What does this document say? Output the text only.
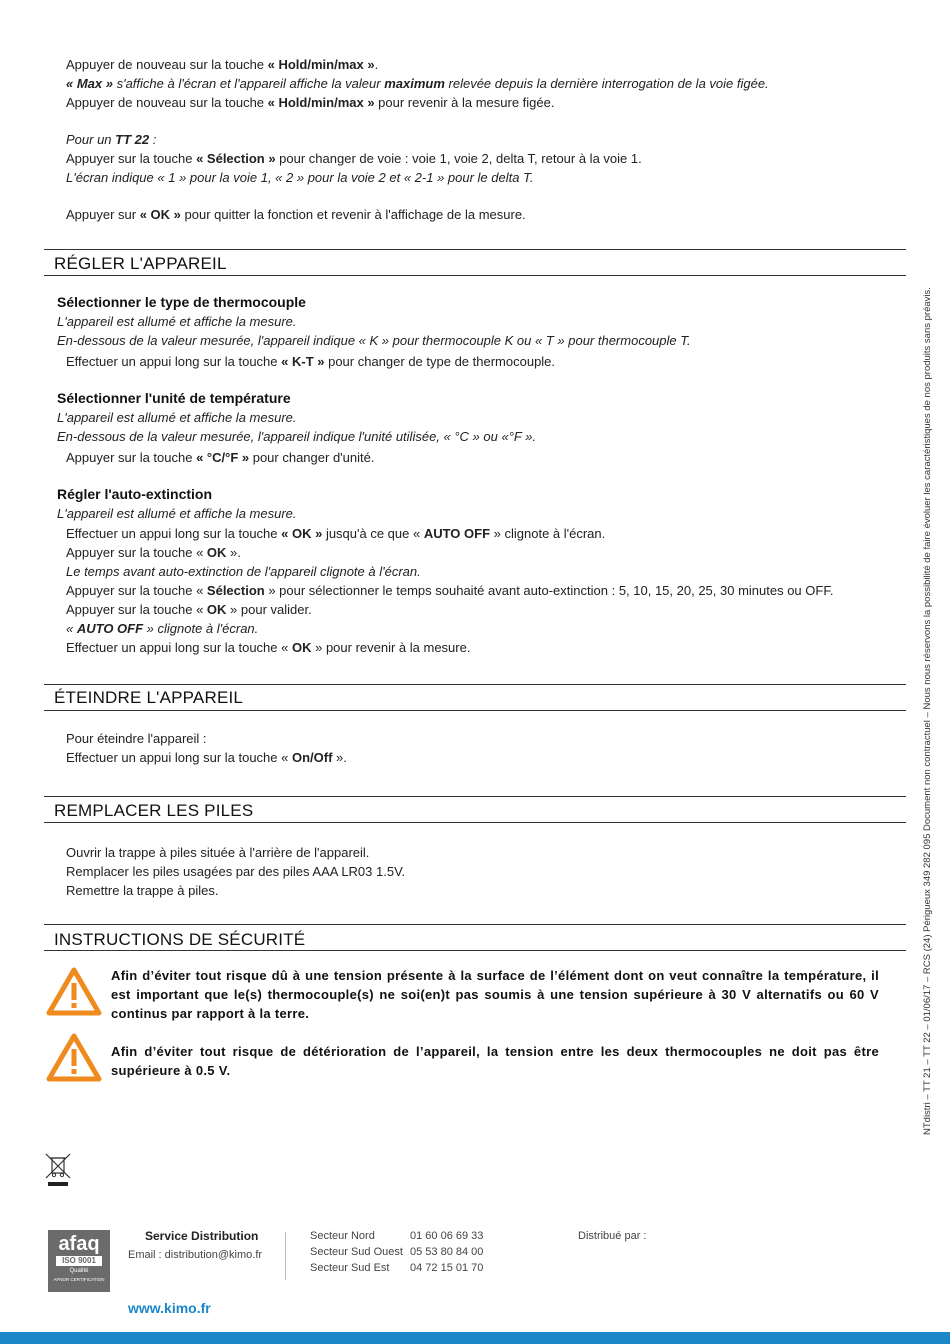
Appuyer de nouveau sur la touche « Hold/min/max ».
« Max » s'affiche à l'écran et l'appareil affiche la valeur maximum relevée depuis la dernière interrogation de la voie figée.
Appuyer de nouveau sur la touche « Hold/min/max » pour revenir à la mesure figée.
Pour un TT 22 :
Appuyer sur la touche « Sélection » pour changer de voie : voie 1, voie 2, delta T, retour à la voie 1.
L'écran indique « 1 » pour la voie 1, « 2 » pour la voie 2 et « 2-1 » pour le delta T.
Appuyer sur « OK » pour quitter la fonction et revenir à l'affichage de la mesure.
RÉGLER L'APPAREIL
Sélectionner le type de thermocouple
L'appareil est allumé et affiche la mesure.
En-dessous de la valeur mesurée, l'appareil indique « K » pour thermocouple K ou « T » pour thermocouple T.
Effectuer un appui long sur la touche « K-T » pour changer de type de thermocouple.
Sélectionner l'unité de température
L'appareil est allumé et affiche la mesure.
En-dessous de la valeur mesurée, l'appareil indique l'unité utilisée, « °C » ou «°F ».
Appuyer sur la touche « °C/°F » pour changer d'unité.
Régler l'auto-extinction
L'appareil est allumé et affiche la mesure.
Effectuer un appui long sur la touche « OK » jusqu'à ce que « AUTO OFF » clignote à l'écran.
Appuyer sur la touche « OK ».
Le temps avant auto-extinction de l'appareil clignote à l'écran.
Appuyer sur la touche « Sélection » pour sélectionner le temps souhaité avant auto-extinction : 5, 10, 15, 20, 25, 30 minutes ou OFF.
Appuyer sur la touche « OK » pour valider.
« AUTO OFF » clignote à l'écran.
Effectuer un appui long sur la touche « OK » pour revenir à la mesure.
ÉTEINDRE L'APPAREIL
Pour éteindre l'appareil :
Effectuer un appui long sur la touche « On/Off ».
REMPLACER LES PILES
Ouvrir la trappe à piles située à l'arrière de l'appareil.
Remplacer les piles usagées par des piles AAA LR03 1.5V.
Remettre la trappe à piles.
INSTRUCTIONS DE SÉCURITÉ
Afin d’éviter tout risque dû à une tension présente à la surface de l’élément dont on veut connaître la température, il est important que le(s) thermocouple(s) ne soi(en)t pas soumis à une tension supérieure à 30 V alternatifs ou 60 V continus par rapport à la terre.
Afin d’éviter tout risque de détérioration de l’appareil, la tension entre les deux thermocouples ne doit pas être supérieure à 0.5 V.	NTdistri – TT 21 – TT 22 – 01/06/17 – RCS (24) Périgueux 349 282 095 Document non contractuel – Nous nous réservons la possibilité de faire évoluer les caractéristiques de nos produits sans préavis.
afaq
ISO 9001
Qualité
AFNOR CERTIFICATION
Service Distribution
Email : distribution@kimo.fr
Secteur Nord	01 60 06 69 33
Secteur Sud Ouest 05 53 80 84 00
Secteur Sud Est 04 72 15 01 70
Distribué par :
www.kimo.fr
